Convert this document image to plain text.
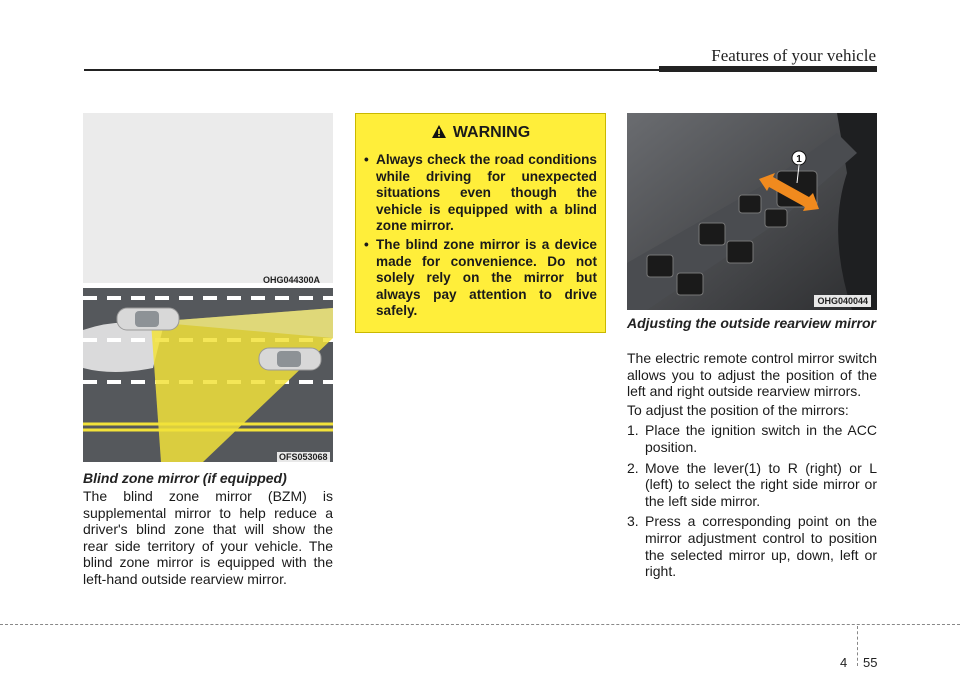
Features of your vehicle
OHG044300A
OFS053068
Blind zone mirror (if equipped)
The blind zone mirror (BZM) is supplemental mirror to help reduce a driver's blind zone that will show the rear side territory of your vehicle. The blind zone mirror is equipped with the left-hand outside rearview mirror.
WARNING
• Always check the road conditions while driving for unexpected situations even though the vehicle is equipped with a blind zone mirror.
• The blind zone mirror is a device made for convenience. Do not solely rely on the mirror but always pay attention to drive safely.
1
OHG040044
Adjusting the outside rearview mirror
The electric remote control mirror switch allows you to adjust the position of the left and right outside rearview mirrors.
To adjust the position of the mirrors:
1. Place the ignition switch in the ACC position.
2. Move the lever(1) to R (right) or L (left) to select the right side mirror or the left side mirror.
3. Press a corresponding point on the mirror adjustment control to position the selected mirror up, down, left or right.
4 55
